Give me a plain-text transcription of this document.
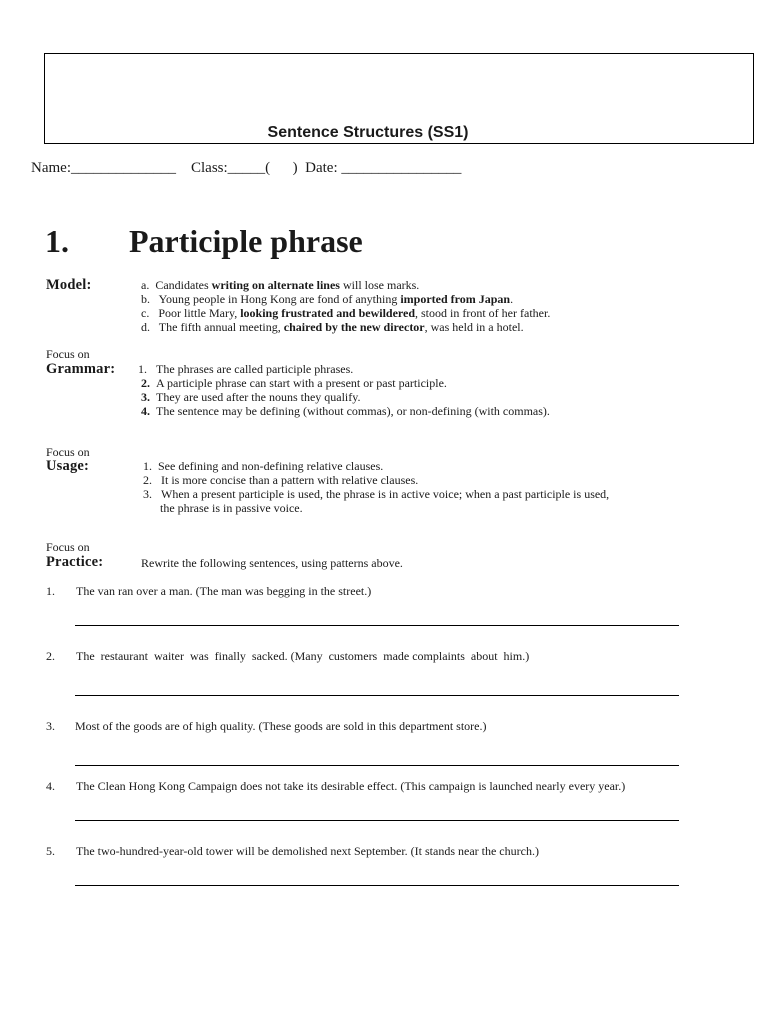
Sentence Structures (SS1)
Name:______________    Class:_____(      )  Date: ________________
1. Participle phrase
Model:	a. Candidates writing on alternate lines will lose marks.
b. Young people in Hong Kong are fond of anything imported from Japan.
c. Poor little Mary, looking frustrated and bewildered, stood in front of her father.
d. The fifth annual meeting, chaired by the new director, was held in a hotel.
Focus on
Grammar: 1. The phrases are called participle phrases.
2. A participle phrase can start with a present or past participle.
3. They are used after the nouns they qualify.
4. The sentence may be defining (without commas), or non-defining (with commas).
Focus on
Usage:	1. See defining and non-defining relative clauses.
2. It is more concise than a pattern with relative clauses.
3. When a present participle is used, the phrase is in active voice; when a past participle is used,
the phrase is in passive voice.
Focus on
Practice:	Rewrite the following sentences, using patterns above.
1. The van ran over a man. (The man was begging in the street.)
2. The  restaurant  waiter  was  finally  sacked. (Many  customers  made complaints  about  him.)
3. Most of the goods are of high quality. (These goods are sold in this department store.)
4. The Clean Hong Kong Campaign does not take its desirable effect. (This campaign is launched nearly every year.)
5. The two-hundred-year-old tower will be demolished next September. (It stands near the church.)
